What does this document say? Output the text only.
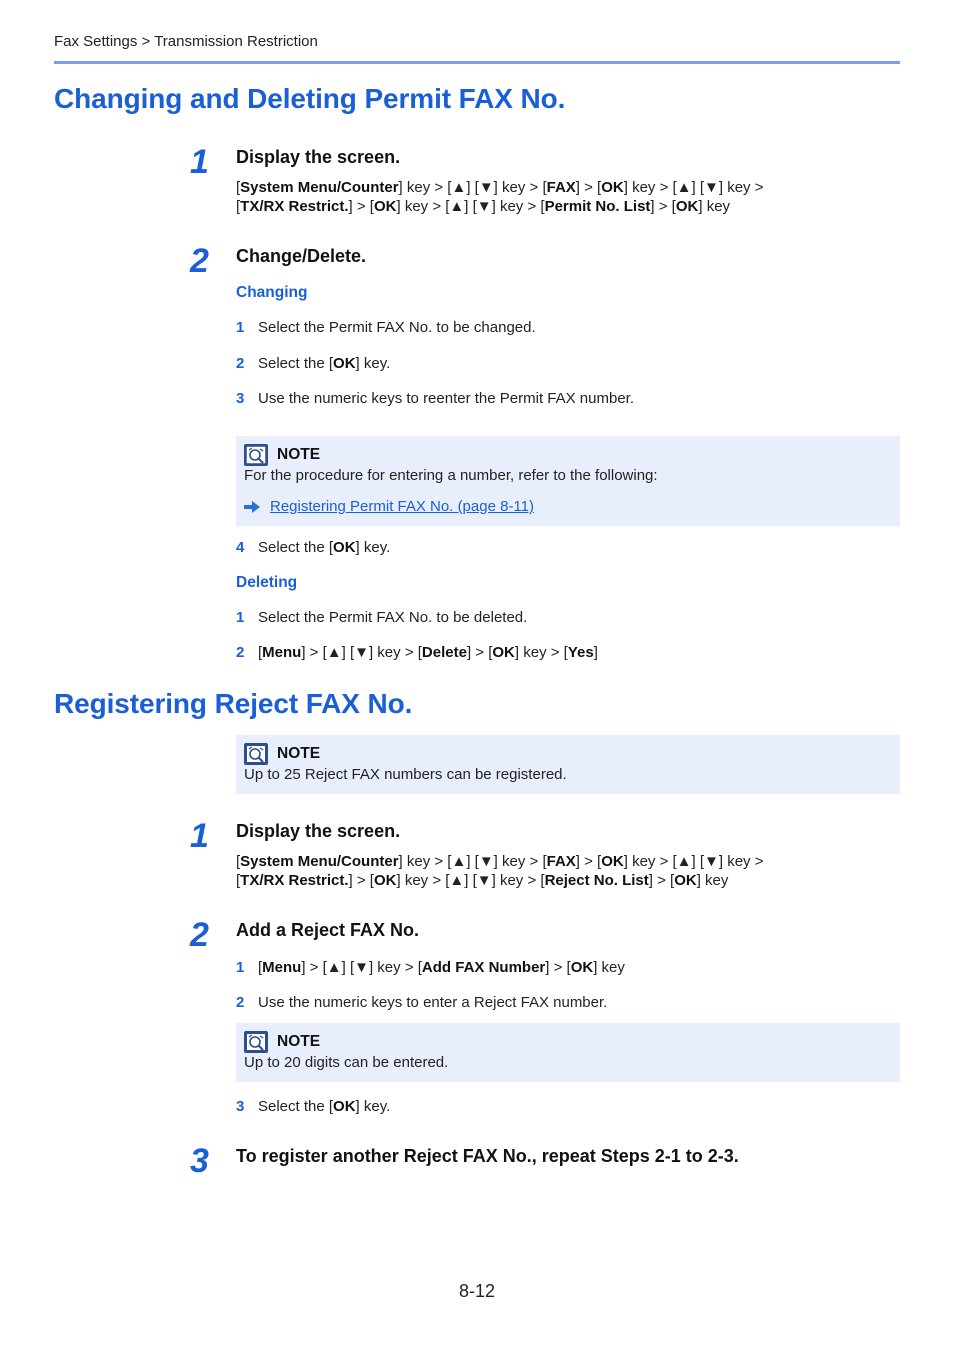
Fax Settings > Transmission Restriction
Changing and Deleting Permit FAX No.
1	Display the screen.
[System Menu/Counter] key > [▲] [▼] key > [FAX] > [OK] key > [▲] [▼] key >
[TX/RX Restrict.] > [OK] key > [▲] [▼] key > [Permit No. List] > [OK] key
2	Change/Delete.
Changing
1 Select the Permit FAX No. to be changed.
2 Select the [OK] key.
3 Use the numeric keys to reenter the Permit FAX number.
NOTE
For the procedure for entering a number, refer to the following:
Registering Permit FAX No. (page 8-11)
4 Select the [OK] key.
Deleting
1 Select the Permit FAX No. to be deleted.
2 [Menu] > [▲] [▼] key > [Delete] > [OK] key > [Yes]
Registering Reject FAX No.
NOTE
Up to 25 Reject FAX numbers can be registered.
1	Display the screen.
[System Menu/Counter] key > [▲] [▼] key > [FAX] > [OK] key > [▲] [▼] key >
[TX/RX Restrict.] > [OK] key > [▲] [▼] key > [Reject No. List] > [OK] key
2	Add a Reject FAX No.
1 [Menu] > [▲] [▼] key > [Add FAX Number] > [OK] key
2 Use the numeric keys to enter a Reject FAX number.
NOTE
Up to 20 digits can be entered.
3 Select the [OK] key.
3	To register another Reject FAX No., repeat Steps 2-1 to 2-3.
8-12
